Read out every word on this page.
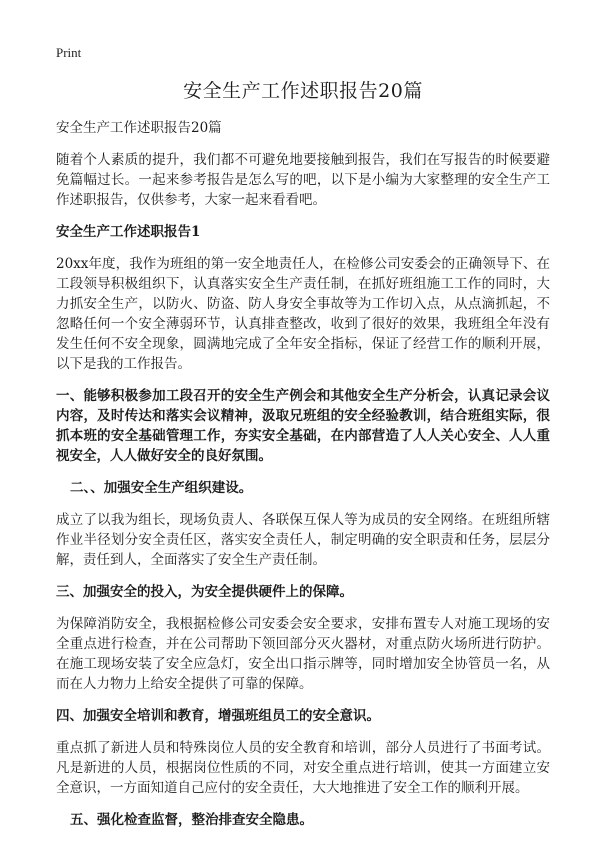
Print
安全生产工作述职报告20篇
安全生产工作述职报告20篇

随着个人素质的提升，我们都不可避免地要接触到报告，我们在写报告的时候要避免篇幅过长。一起来参考报告是怎么写的吧，以下是小编为大家整理的安全生产工作述职报告，仅供参考，大家一起来看看吧。

安全生产工作述职报告1

20xx年度，我作为班组的第一安全地责任人，在检修公司安委会的正确领导下、在工段领导积极组织下，认真落实安全生产责任制，在抓好班组施工工作的同时，大力抓安全生产，以防火、防盗、防人身安全事故等为工作切入点，从点滴抓起，不忽略任何一个安全薄弱环节，认真排查整改，收到了很好的效果，我班组全年没有发生任何不安全现象，圆满地完成了全年安全指标，保证了经营工作的顺利开展，以下是我的工作报告。

一、能够积极参加工段召开的安全生产例会和其他安全生产分析会，认真记录会议内容，及时传达和落实会议精神，汲取兄班组的安全经验教训，结合班组实际，很抓本班的安全基础管理工作，夯实安全基础，在内部营造了人人关心安全、人人重视安全，人人做好安全的良好氛围。
二、、加强安全生产组织建设。

成立了以我为组长，现场负责人、各联保互保人等为成员的安全网络。在班组所辖作业半径划分安全责任区，落实安全责任人，制定明确的安全职责和任务，层层分解，责任到人，全面落实了安全生产责任制。

三、加强安全的投入，为安全提供硬件上的保障。

为保障消防安全，我根据检修公司安委会安全要求，安排布置专人对施工现场的安全重点进行检查，并在公司帮助下领回部分灭火器材，对重点防火场所进行防护。在施工现场安装了安全应急灯，安全出口指示牌等，同时增加安全协管员一名，从而在人力物力上给安全提供了可靠的保障。

四、加强安全培训和教育，增强班组员工的安全意识。

重点抓了新进人员和特殊岗位人员的安全教育和培训，部分人员进行了书面考试。凡是新进的人员，根据岗位性质的不同，对安全重点进行培训，使其一方面建立安全意识，一方面知道自己应付的安全责任，大大地推进了安全工作的顺利开展。

五、强化检查监督，整治排查安全隐患。
